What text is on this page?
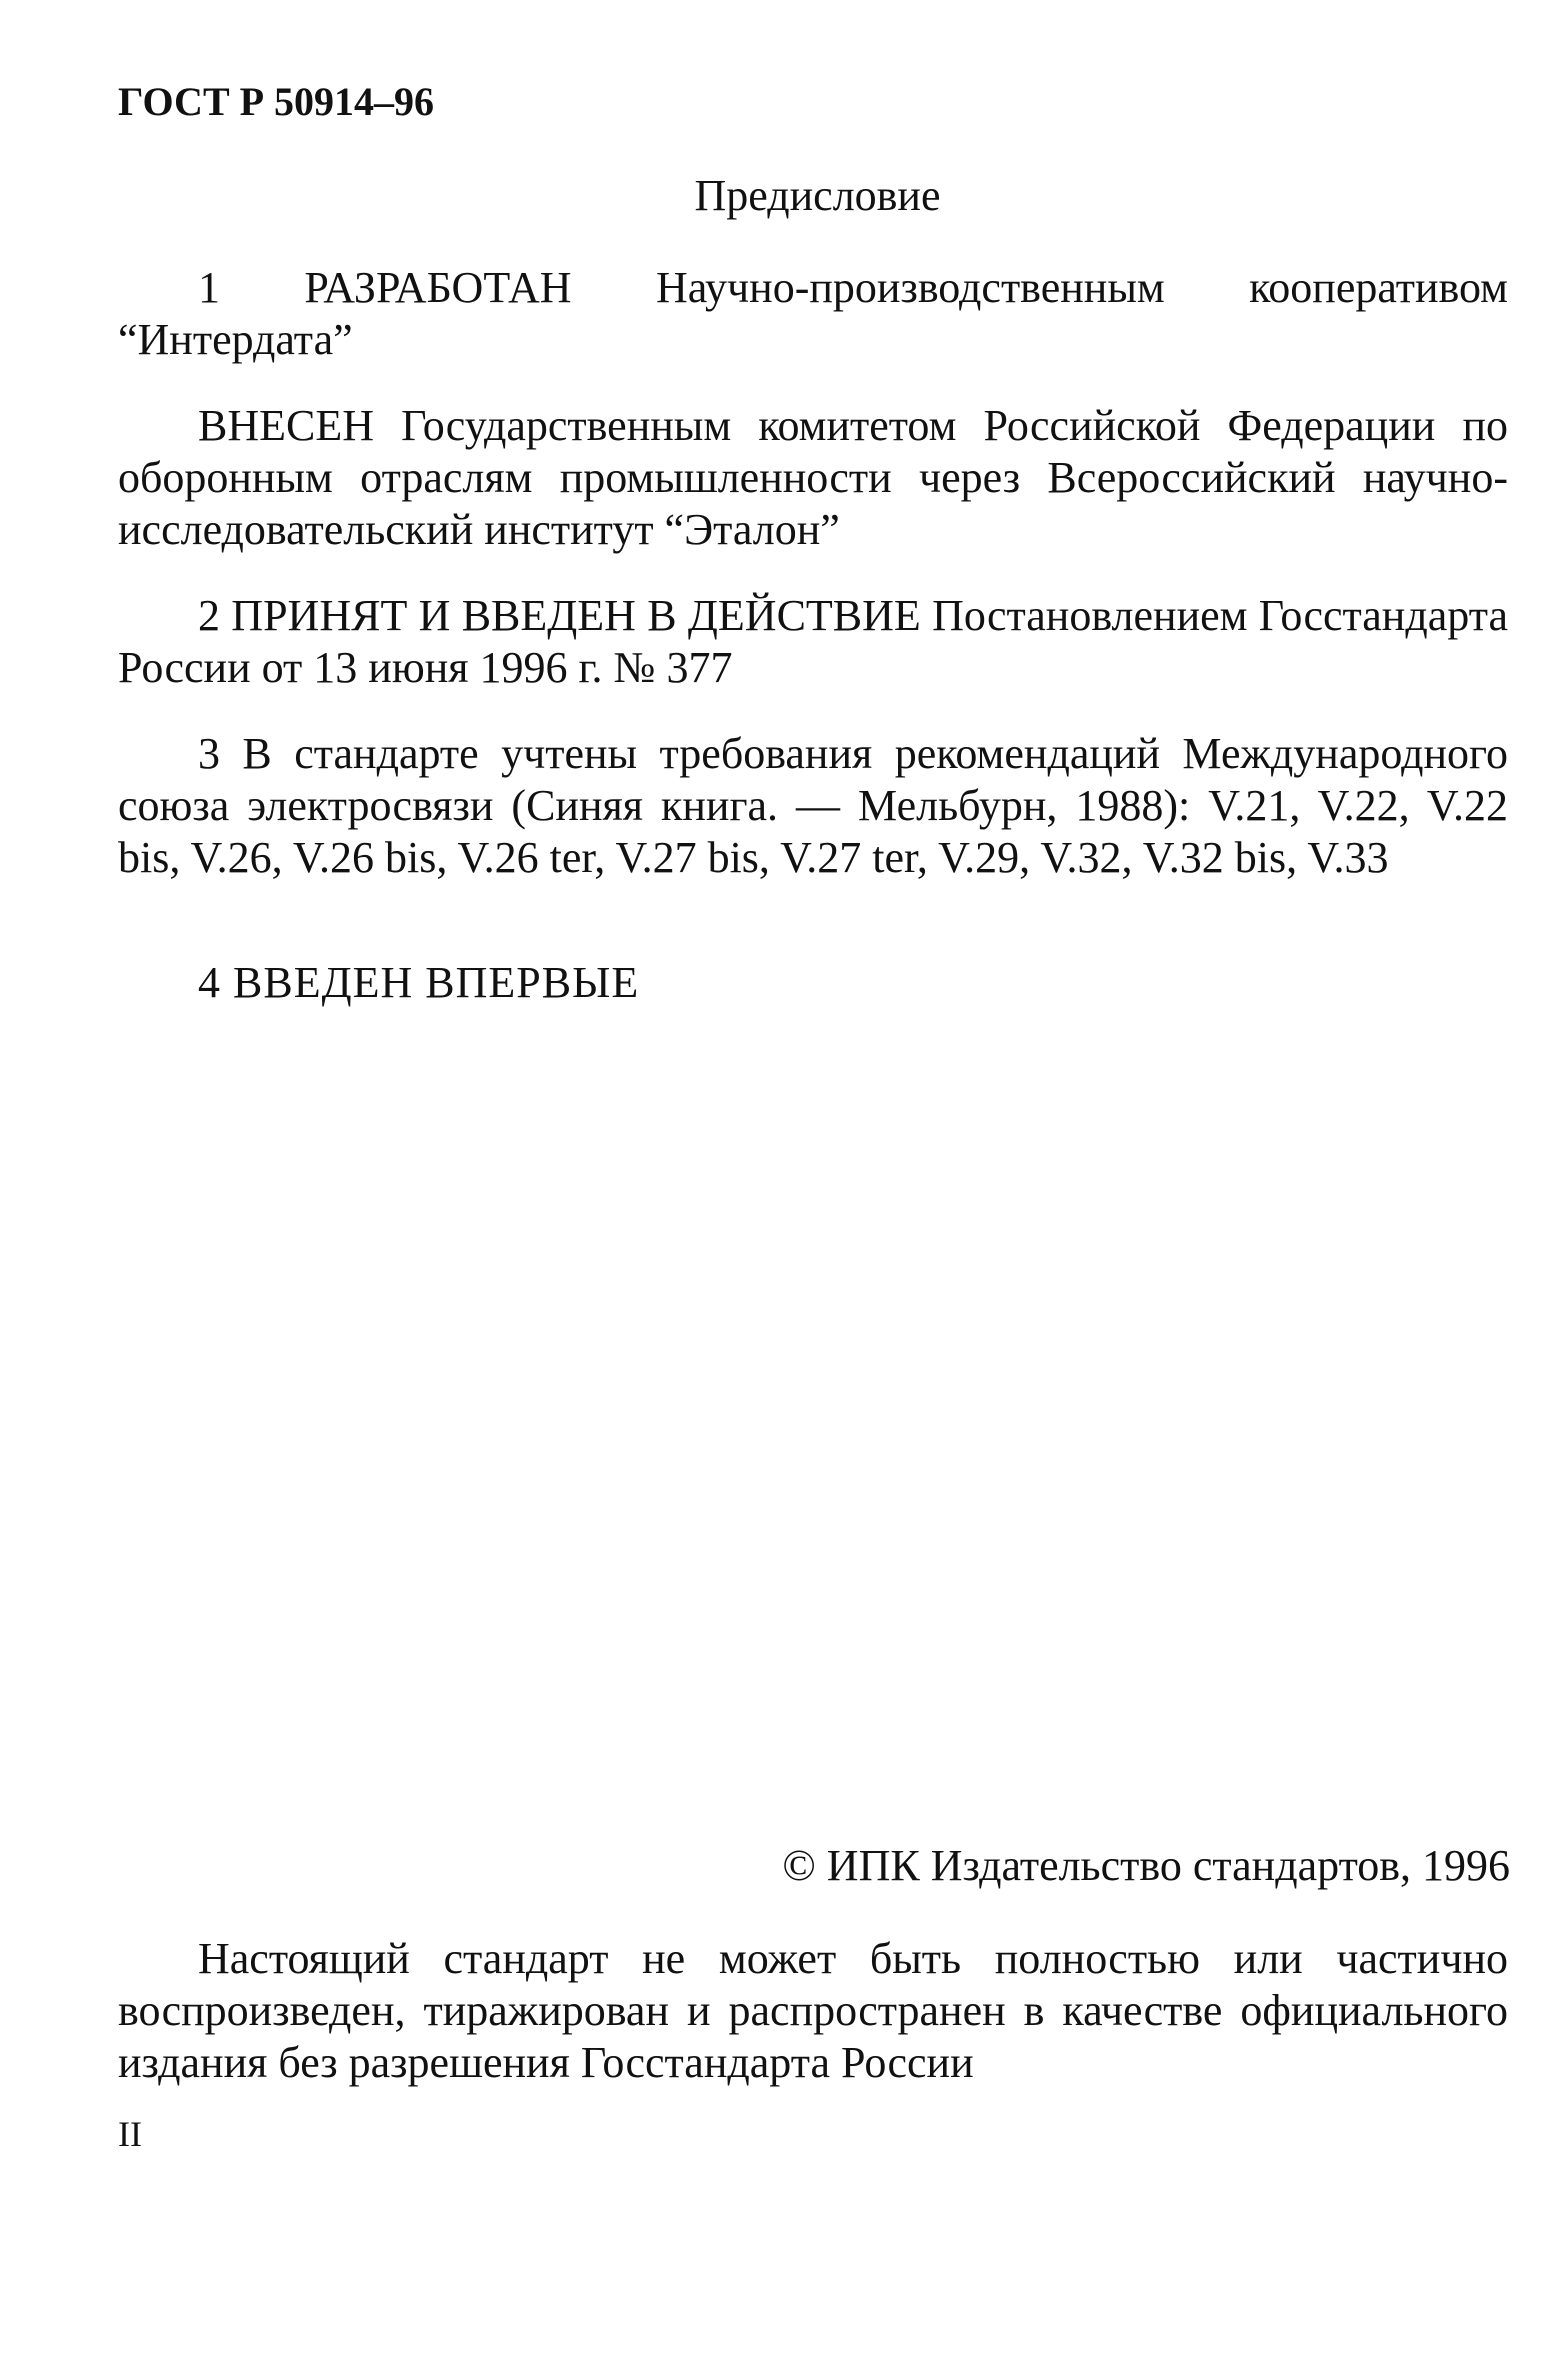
ГОСТ Р 50914–96
Предисловие

1 РАЗРАБОТАН Научно-производственным кооперативом “Интердата”

ВНЕСЕН Государственным комитетом Российской Федерации по оборонным отраслям промышленности через Всероссийский научно-исследовательский институт “Эталон”

2 ПРИНЯТ И ВВЕДЕН В ДЕЙСТВИЕ Постановлением Госстандарта России от 13 июня 1996 г. № 377

3 В стандарте учтены требования рекомендаций Международного союза электросвязи (Синяя книга. — Мельбурн, 1988): V.21, V.22, V.22 bis, V.26, V.26 bis, V.26 ter, V.27 bis, V.27 ter, V.29, V.32, V.32 bis, V.33

4 ВВЕДЕН ВПЕРВЫЕ

© ИПК Издательство стандартов, 1996

Настоящий стандарт не может быть полностью или частично воспроизведен, тиражирован и распространен в качестве официального издания без разрешения Госстандарта России

II
